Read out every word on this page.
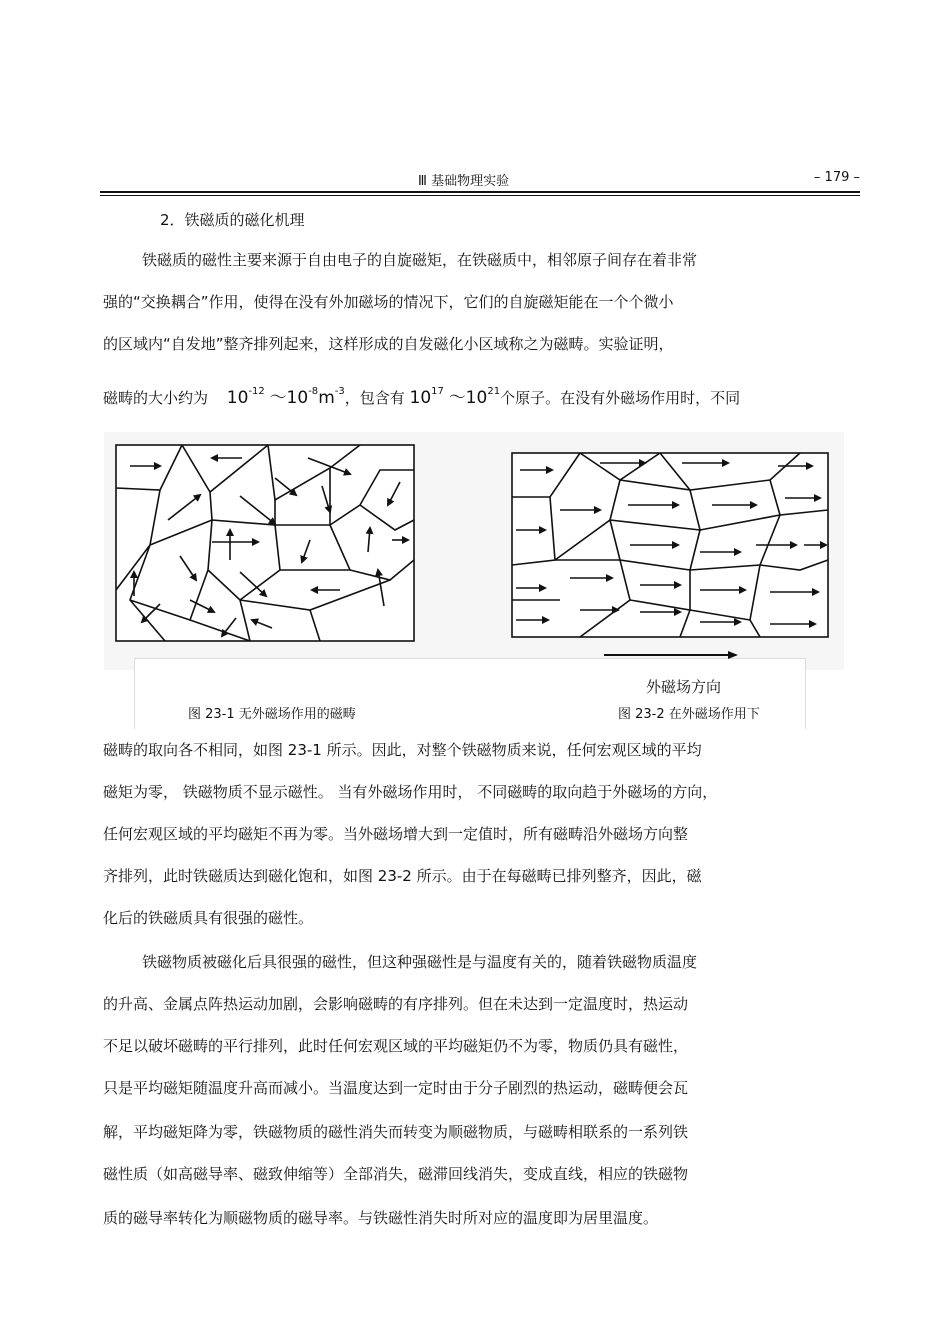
Ⅲ 基础物理实验	– 179 –
2．铁磁质的磁化机理
铁磁质的磁性主要来源于自由电子的自旋磁矩，在铁磁质中，相邻原子间存在着非常
强的“交换耦合”作用，使得在没有外加磁场的情况下，它们的自旋磁矩能在一个个微小
的区域内“自发地”整齐排列起来，这样形成的自发磁化小区域称之为磁畴。实验证明，
磁畴的大小约为 $10^{-12}$ $\sim 10^{-8}m^{-3}$，包含有 $10^{17}$ $\sim 10^{21}$个原子。在没有外磁场作用时，不同
外磁场方向
图 23-1 无外磁场作用的磁畴	图 23-2 在外磁场作用下
磁畴的取向各不相同，如图 23-1 所示。因此，对整个铁磁物质来说，任何宏观区域的平均
磁矩为零， 铁磁物质不显示磁性。 当有外磁场作用时， 不同磁畴的取向趋于外磁场的方向，
任何宏观区域的平均磁矩不再为零。当外磁场增大到一定值时，所有磁畴沿外磁场方向整
齐排列，此时铁磁质达到磁化饱和，如图 23-2 所示。由于在每磁畴已排列整齐，因此，磁
化后的铁磁质具有很强的磁性。
铁磁物质被磁化后具很强的磁性，但这种强磁性是与温度有关的，随着铁磁物质温度
的升高、金属点阵热运动加剧，会影响磁畴的有序排列。但在未达到一定温度时，热运动
不足以破坏磁畴的平行排列，此时任何宏观区域的平均磁矩仍不为零，物质仍具有磁性，
只是平均磁矩随温度升高而减小。当温度达到一定时由于分子剧烈的热运动，磁畴便会瓦
解，平均磁矩降为零，铁磁物质的磁性消失而转变为顺磁物质，与磁畴相联系的一系列铁
磁性质（如高磁导率、磁致伸缩等）全部消失，磁滞回线消失，变成直线，相应的铁磁物
质的磁导率转化为顺磁物质的磁导率。与铁磁性消失时所对应的温度即为居里温度。
